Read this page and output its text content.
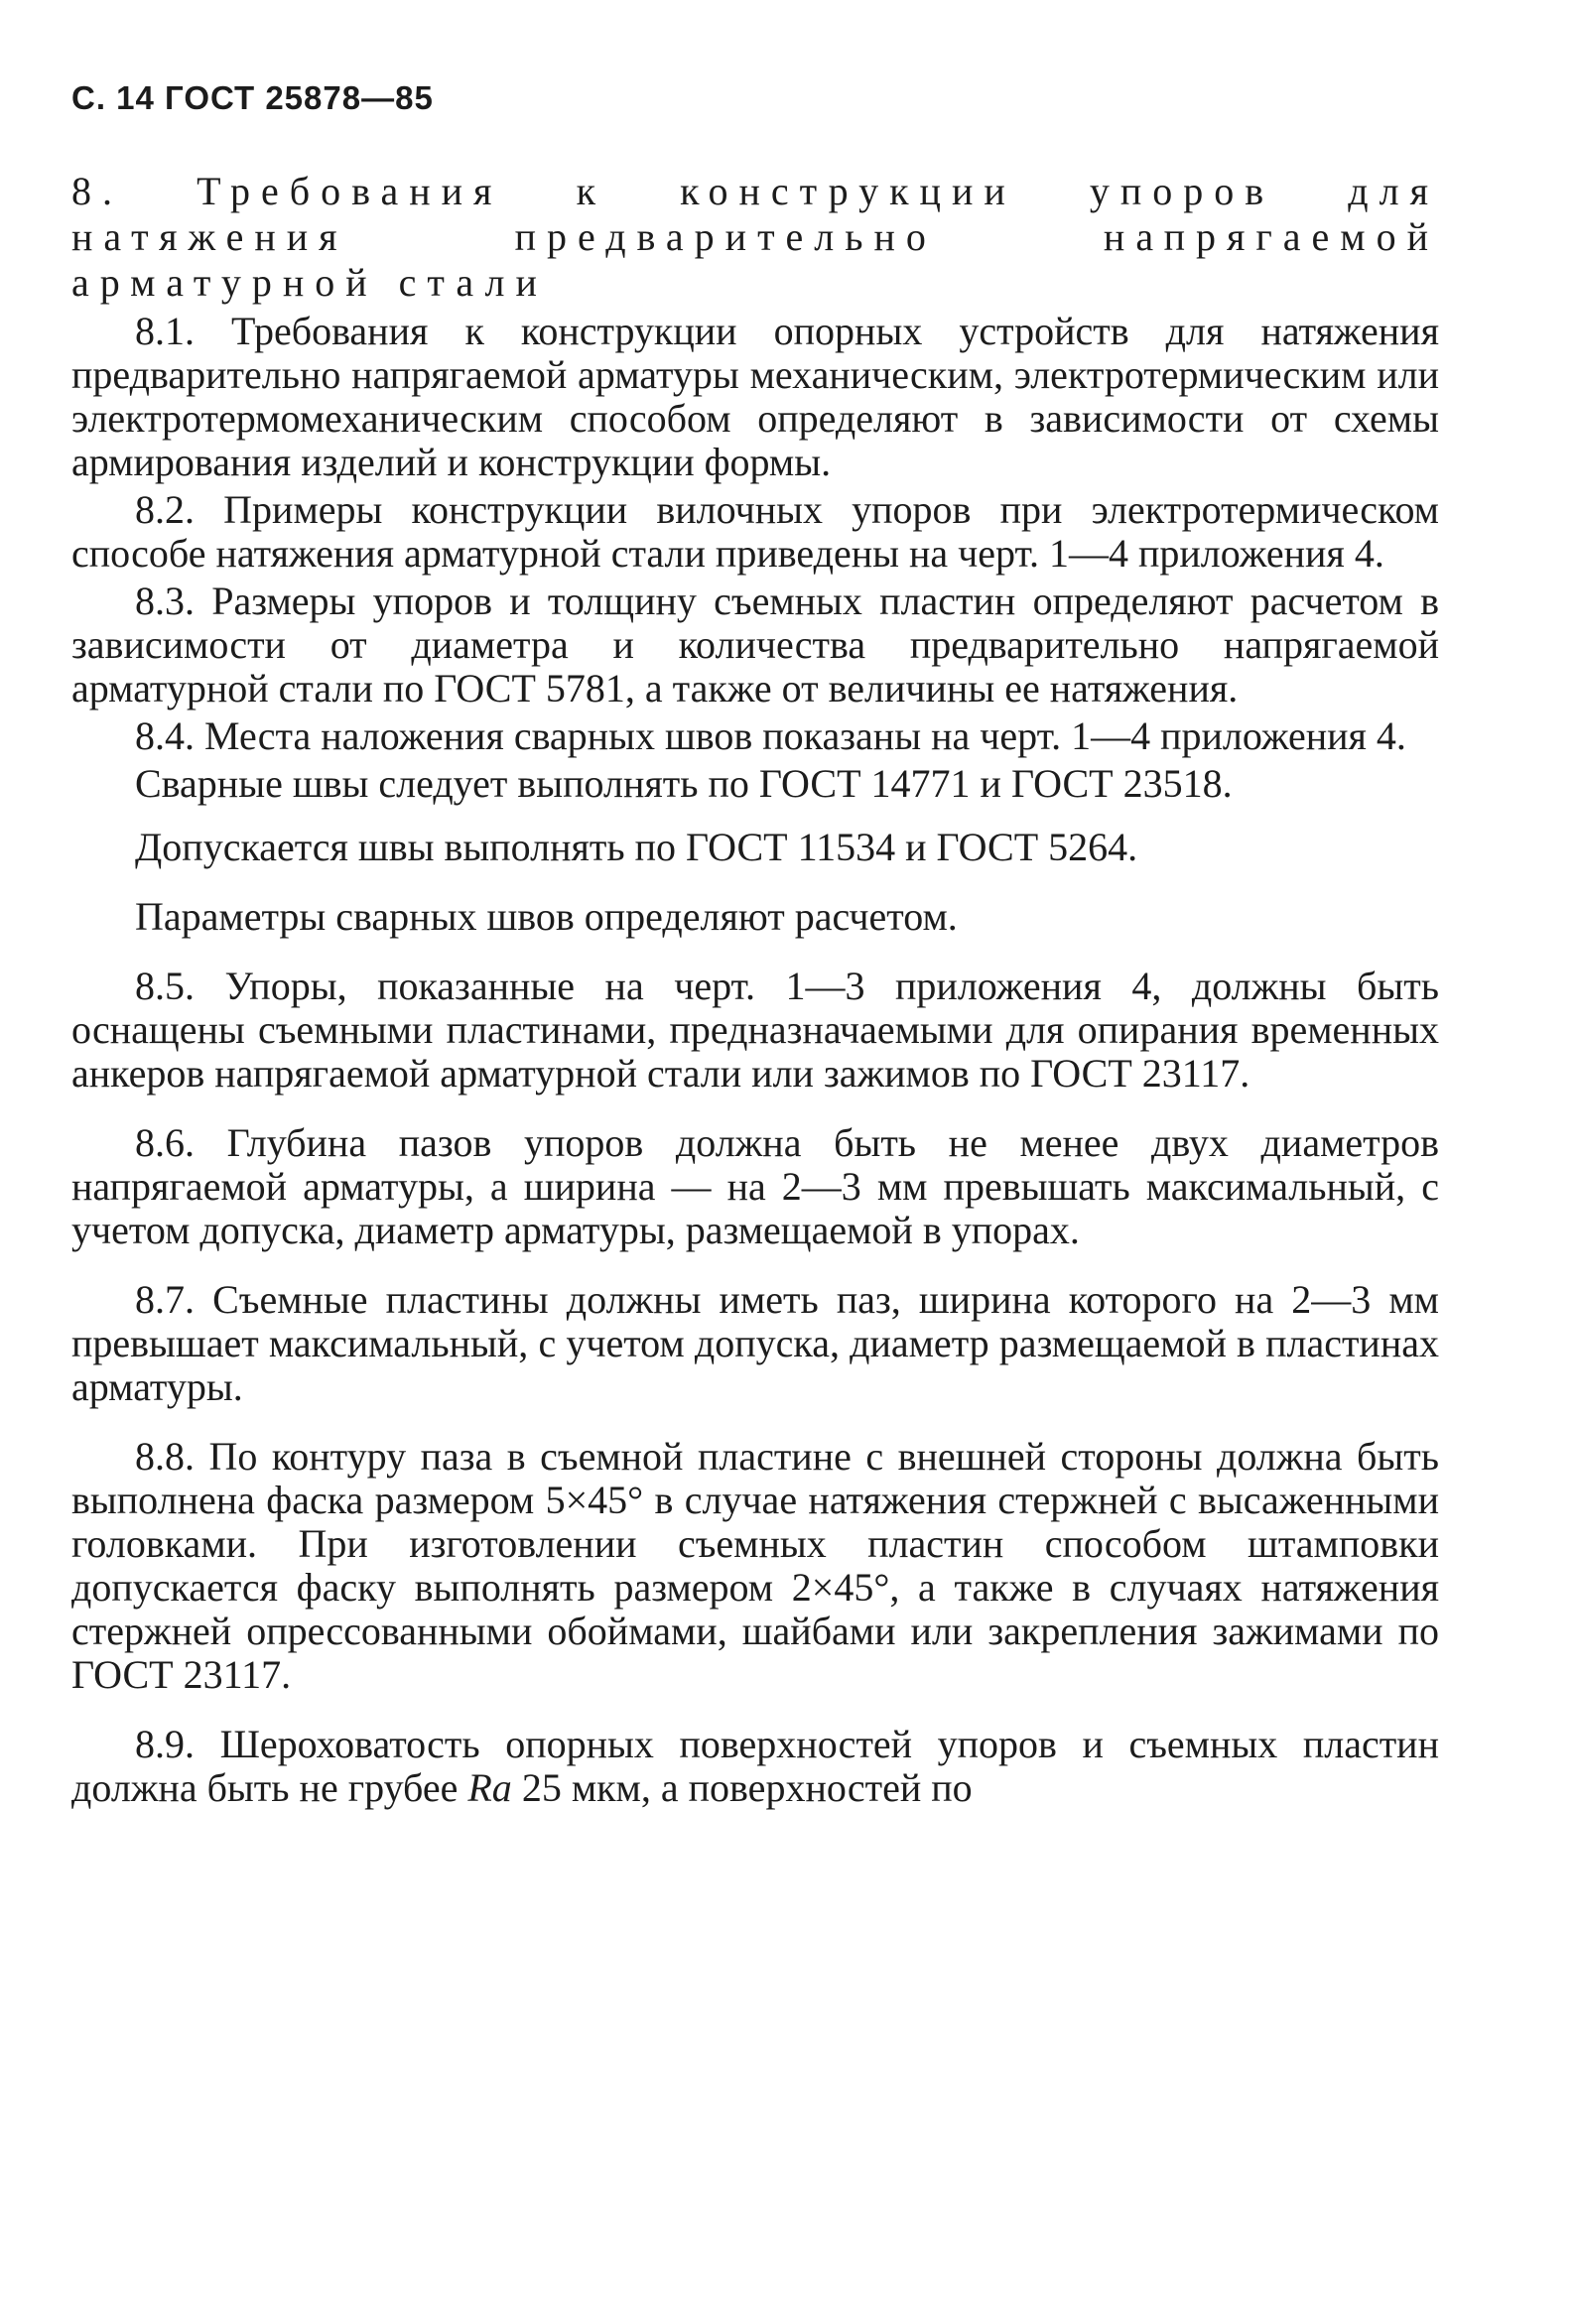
С. 14 ГОСТ 25878—85

8. Требования к конструкции упоров для натяжения предварительно напрягаемой арматурной стали

8.1. Требования к конструкции опорных устройств для натяжения предварительно напрягаемой арматуры механическим, электротермическим или электротермомеханическим способом определяют в зависимости от схемы армирования изделий и конструкции формы.

8.2. Примеры конструкции вилочных упоров при электротермическом способе натяжения арматурной стали приведены на черт. 1—4 приложения 4.

8.3. Размеры упоров и толщину съемных пластин определяют расчетом в зависимости от диаметра и количества предварительно напрягаемой арматурной стали по ГОСТ 5781, а также от величины ее натяжения.

8.4. Места наложения сварных швов показаны на черт. 1—4 приложения 4.

Сварные швы следует выполнять по ГОСТ 14771 и ГОСТ 23518.

Допускается швы выполнять по ГОСТ 11534 и ГОСТ 5264.

Параметры сварных швов определяют расчетом.

8.5. Упоры, показанные на черт. 1—3 приложения 4, должны быть оснащены съемными пластинами, предназначаемыми для опирания временных анкеров напрягаемой арматурной стали или зажимов по ГОСТ 23117.

8.6. Глубина пазов упоров должна быть не менее двух диаметров напрягаемой арматуры, а ширина — на 2—3 мм превышать максимальный, с учетом допуска, диаметр арматуры, размещаемой в упорах.

8.7. Съемные пластины должны иметь паз, ширина которого на 2—3 мм превышает максимальный, с учетом допуска, диаметр размещаемой в пластинах арматуры.

8.8. По контуру паза в съемной пластине с внешней стороны должна быть выполнена фаска размером 5×45° в случае натяжения стержней с высаженными головками. При изготовлении съемных пластин способом штамповки допускается фаску выполнять размером 2×45°, а также в случаях натяжения стержней опрессованными обоймами, шайбами или закрепления зажимами по ГОСТ 23117.

8.9. Шероховатость опорных поверхностей упоров и съемных пластин должна быть не грубее Ra 25 мкм, а поверхностей по
